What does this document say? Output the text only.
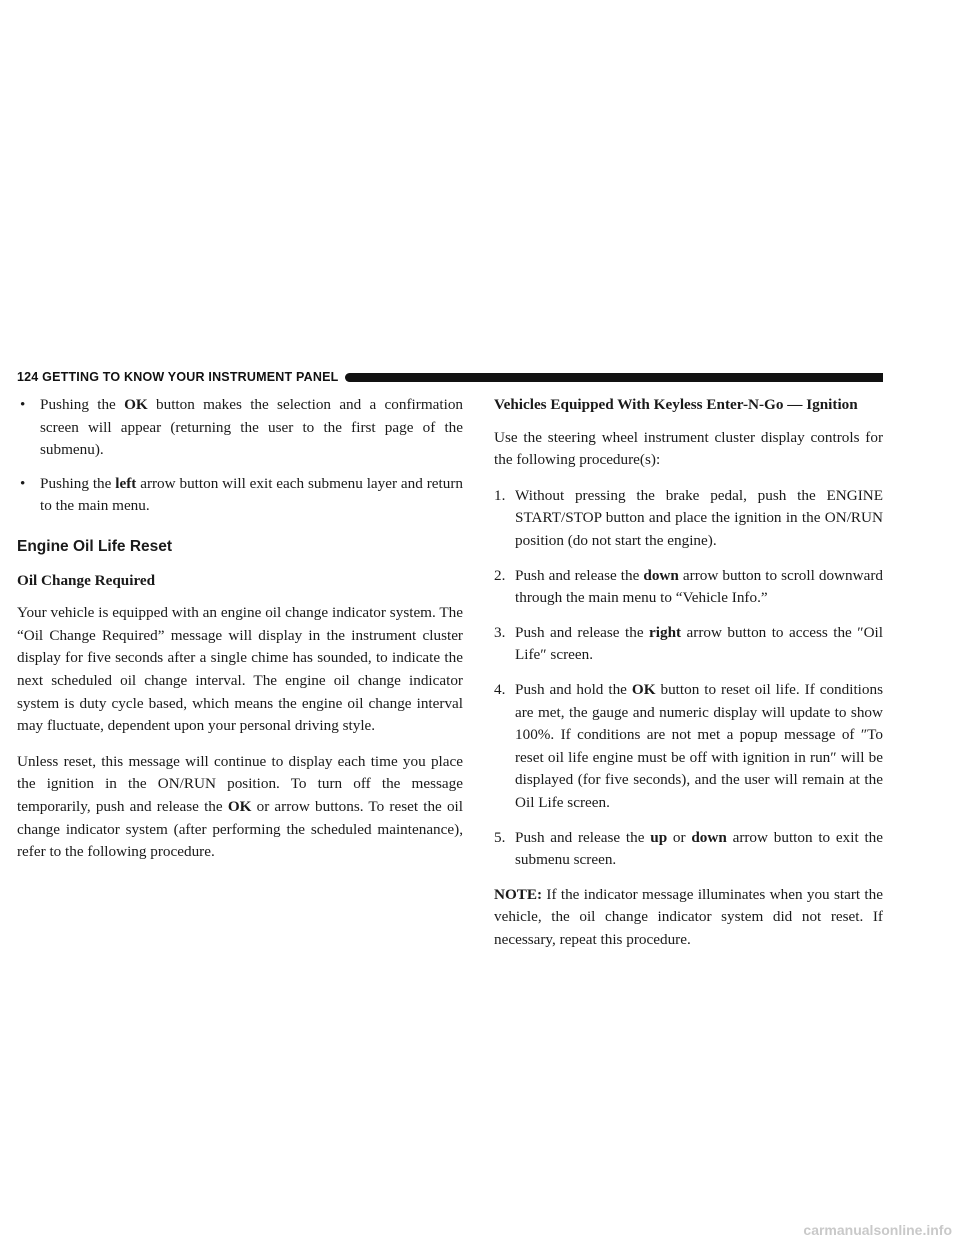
124 GETTING TO KNOW YOUR INSTRUMENT PANEL
• Pushing the OK button makes the selection and a confirmation screen will appear (returning the user to the first page of the submenu).
• Pushing the left arrow button will exit each submenu layer and return to the main menu.
Engine Oil Life Reset
Oil Change Required

Your vehicle is equipped with an engine oil change indicator system. The “Oil Change Required” message will display in the instrument cluster display for five seconds after a single chime has sounded, to indicate the next scheduled oil change interval. The engine oil change indicator system is duty cycle based, which means the engine oil change interval may fluctuate, dependent upon your personal driving style.

Unless reset, this message will continue to display each time you place the ignition in the ON/RUN position. To turn off the message temporarily, push and release the OK or arrow buttons. To reset the oil change indicator system (after performing the scheduled maintenance), refer to the following procedure.

Vehicles Equipped With Keyless Enter-N-Go — Ignition

Use the steering wheel instrument cluster display controls for the following procedure(s):

1. Without pressing the brake pedal, push the ENGINE START/STOP button and place the ignition in the ON/RUN position (do not start the engine).
2. Push and release the down arrow button to scroll downward through the main menu to “Vehicle Info.”
3. Push and release the right arrow button to access the ″Oil Life″ screen.
4. Push and hold the OK button to reset oil life. If conditions are met, the gauge and numeric display will update to show 100%. If conditions are not met a popup message of ″To reset oil life engine must be off with ignition in run″ will be displayed (for five seconds), and the user will remain at the Oil Life screen.
5. Push and release the up or down arrow button to exit the submenu screen.

NOTE: If the indicator message illuminates when you start the vehicle, the oil change indicator system did not reset. If necessary, repeat this procedure.

carmanualsonline.info
